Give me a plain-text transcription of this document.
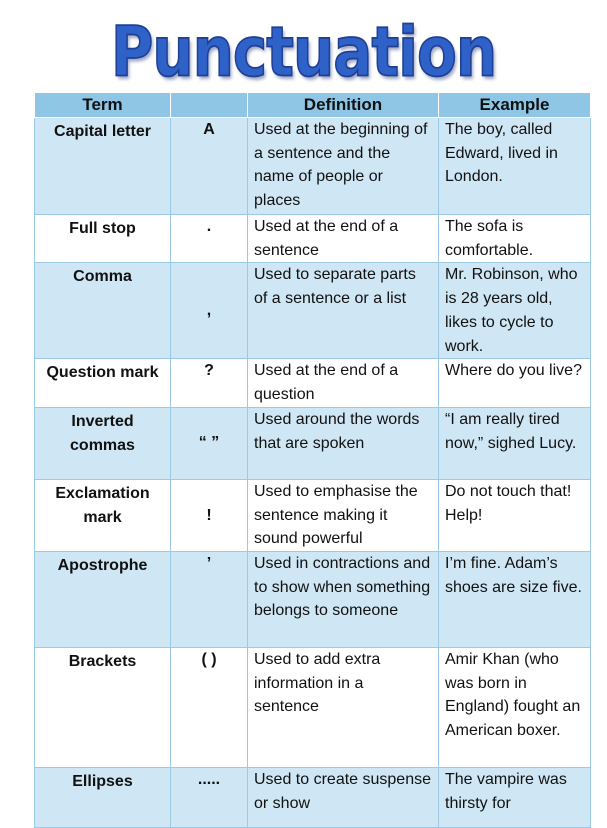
Punctuation
Term		Definition	Example
Capital letter	A	Used at the beginning of a sentence and the name of people or places	The boy, called Edward, lived in London.
Full stop	.	Used at the end of a sentence	The sofa is comfortable.
Comma	,	Used to separate parts of a sentence or a list	Mr. Robinson, who is 28 years old, likes to cycle to work.
Question mark	?	Used at the end of a question	Where do you live?
Inverted commas	“ ”	Used around the words that are spoken	“I am really tired now,” sighed Lucy.
Exclamation mark	!	Used to emphasise the sentence making it sound powerful	Do not touch that! Help!
Apostrophe	’	Used in contractions and to show when something belongs to someone	I’m fine. Adam’s shoes are size five.
Brackets	( )	Used to add extra information in a sentence	Amir Khan (who was born in England) fought an American boxer.
Ellipses	.....	Used to create suspense or show	The vampire was thirsty for
